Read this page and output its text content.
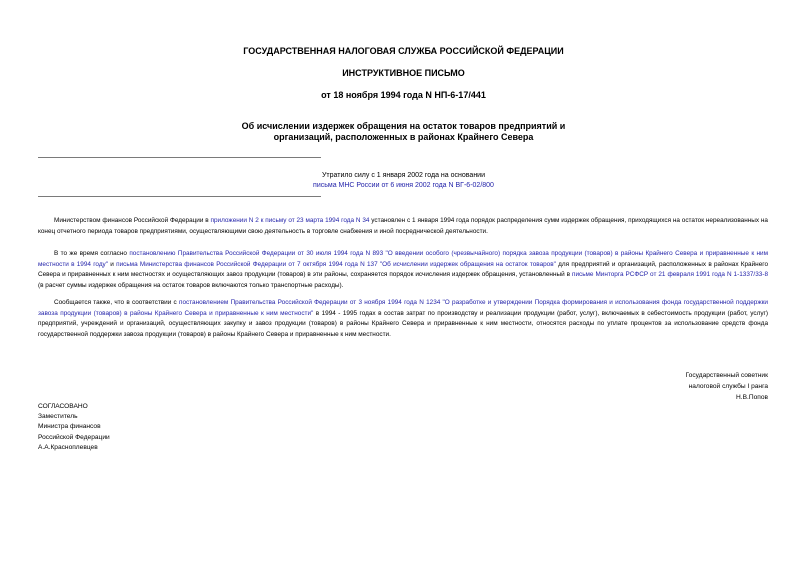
ГОСУДАРСТВЕННАЯ НАЛОГОВАЯ СЛУЖБА РОССИЙСКОЙ ФЕДЕРАЦИИ
ИНСТРУКТИВНОЕ ПИСЬМО
от 18 ноября 1994 года N НП-6-17/441
Об исчислении издержек обращения на остаток товаров предприятий и
организаций, расположенных в районах Крайнего Севера
Утратило силу с 1 января 2002 года на основании
письма МНС России от 6 июня 2002 года N ВГ-6-02/800
Министерством финансов Российской Федерации в приложении N 2 к письму от 23 марта 1994 года N 34 установлен с 1 января 1994 года порядок распределения сумм издержек обращения, приходящихся на остаток нереализованных на конец отчетного периода товаров предприятиями, осуществляющими свою деятельность в торговле снабжения и иной посреднической деятельности.
В то же время согласно постановлению Правительства Российской Федерации от 30 июля 1994 года N 893 "О введении особого (чрезвычайного) порядка завоза продукции (товаров) в районы Крайнего Севера и приравненные к ним местности в 1994 году" и письма Министерства финансов Российской Федерации от 7 октября 1994 года N 137 "Об исчислении издержек обращения на остаток товаров" для предприятий и организаций, расположенных в районах Крайнего Севера и приравненных к ним местностях и осуществляющих завоз продукции (товаров) в эти районы, сохраняется порядок исчисления издержек обращения, установленный в письме Минторга РСФСР от 21 февраля 1991 года N 1-1337/33-8 (в расчет суммы издержек обращения на остаток товаров включаются только транспортные расходы).
Сообщается также, что в соответствии с постановлением Правительства Российской Федерации от 3 ноября 1994 года N 1234 "О разработке и утверждении Порядка формирования и использования фонда государственной поддержки завоза продукции (товаров) в районы Крайнего Севера и приравненные к ним местности" в 1994 - 1995 годах в состав затрат по производству и реализации продукции (работ, услуг), включаемых в себестоимость продукции (работ, услуг) предприятий, учреждений и организаций, осуществляющих закупку и завоз продукции (товаров) в районы Крайнего Севера и приравненные к ним местности, относятся расходы по уплате процентов за использование средств фонда государственной поддержки завоза продукции (товаров) в районы Крайнего Севера и приравненные к ним местности.
Государственный советник
налоговой службы I ранга
Н.В.Попов
СОГЛАСОВАНО
Заместитель
Министра финансов
Российской Федерации
А.А.Красноплевцев
